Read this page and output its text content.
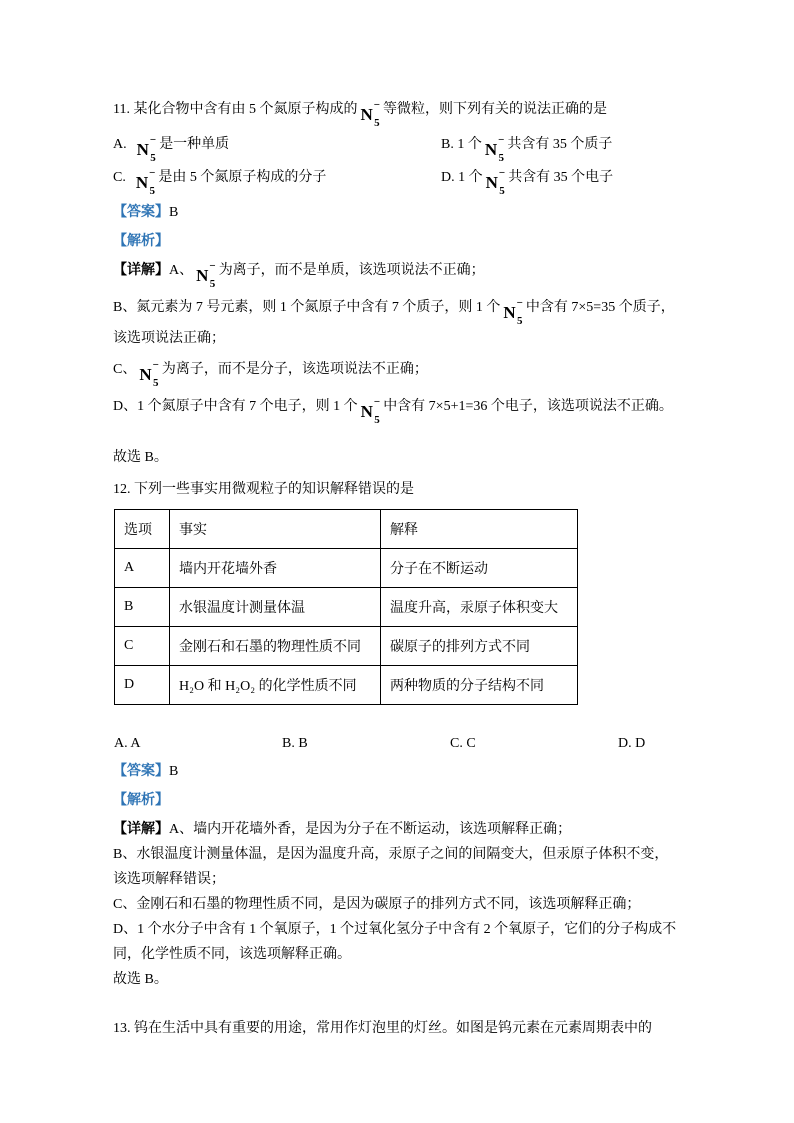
11. 某化合物中含有由 5 个氮原子构成的 N −
5
等微粒，则下列有关的说法正确的是

A. N −
5
是一种单质	B. 1 个 N −
5
共含有 35 个质子
C. N −
5
是由 5 个氮原子构成的分子	D. 1 个 N −
5
共含有 35 个电子

【答案】B

【解析】

【详解】A、 N −
5
为离子，而不是单质，该选项说法不正确；

B、氮元素为 7 号元素，则 1 个氮原子中含有 7 个质子，则 1 个 N −
5
中含有 7×5=35 个质子，该选项说法正确；

C、 N −
5
为离子，而不是分子，该选项说法不正确；

D、1 个氮原子中含有 7 个电子，则 1 个 N −
5
中含有 7×5+1=36 个电子，该选项说法不正确。

故选 B。

12. 下列一些事实用微观粒子的知识解释错误的是

选项	事实	解释
A	墙内开花墙外香	分子在不断运动
B	水银温度计测量体温	温度升高，汞原子体积变大
C	金刚石和石墨的物理性质不同	碳原子的排列方式不同
D	H₂O 和 H₂O₂ 的化学性质不同	两种物质的分子结构不同
A. A	B. B	C. C	D. D

【答案】B

【解析】

【详解】A、墙内开花墙外香，是因为分子在不断运动，该选项解释正确；

B、水银温度计测量体温，是因为温度升高，汞原子之间的间隔变大，但汞原子体积不变，该选项解释错误；

C、金刚石和石墨的物理性质不同，是因为碳原子的排列方式不同，该选项解释正确；

D、1 个水分子中含有 1 个氧原子，1 个过氧化氢分子中含有 2 个氧原子，它们的分子构成不同，化学性质不同，该选项解释正确。

故选 B。

13. 钨在生活中具有重要的用途，常用作灯泡里的灯丝。如图是钨元素在元素周期表中的
